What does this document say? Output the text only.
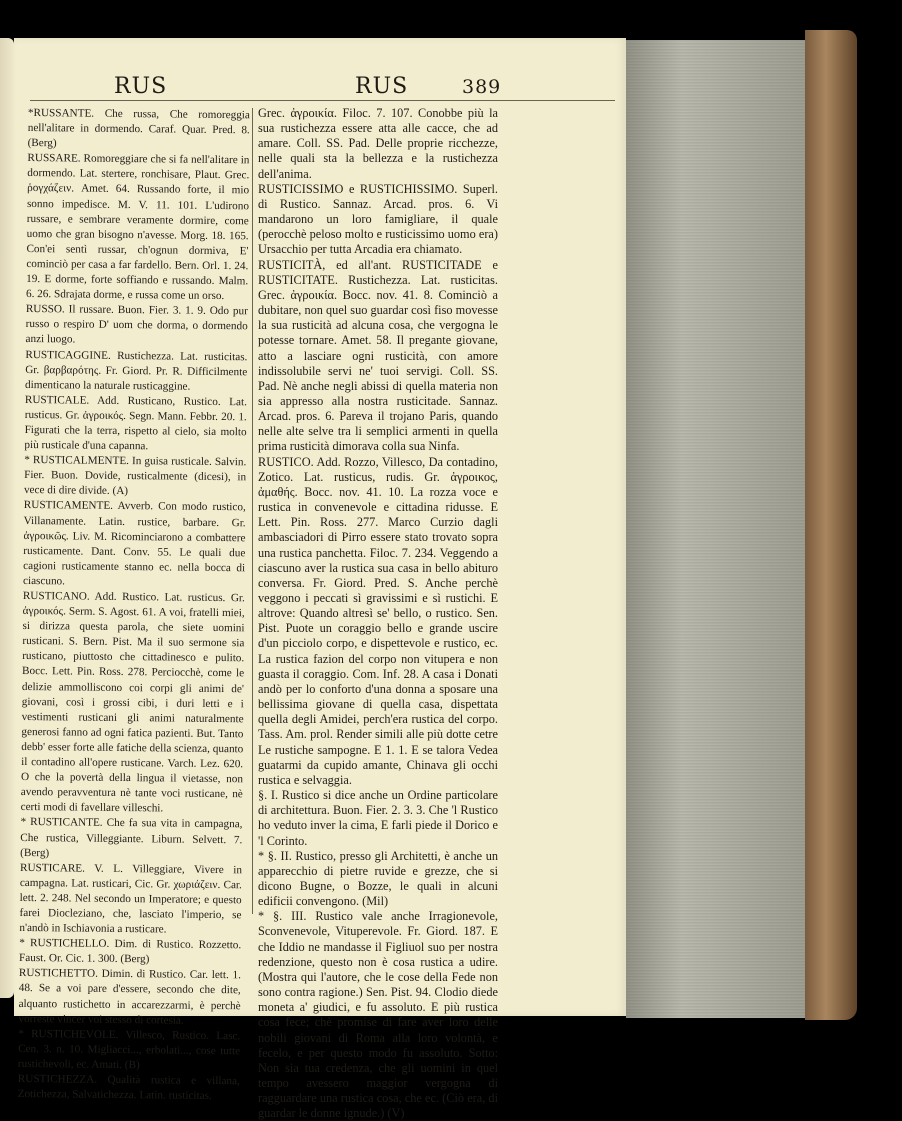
RUS	RUS	389

*RUSSANTE. Che russa, Che romoreggia nell'alitare in dormendo. Caraf. Quar. Pred. 8. (Berg)

RUSSARE. Romoreggiare che si fa nell'alitare in dormendo. Lat. stertere, ronchisare, Plaut. Grec. ῥογχάζειν. Amet. 64. Russando forte, il mio sonno impedisce. M. V. 11. 101. L'udirono russare, e sembrare veramente dormire, come uomo che gran bisogno n'avesse. Morg. 18. 165. Con'ei sentì russar, ch'ognun dormiva, E' cominciò per casa a far fardello. Bern. Orl. 1. 24. 19. E dorme, forte soffiando e russando. Malm. 6. 26. Sdrajata dorme, e russa come un orso.

RUSSO. Il russare. Buon. Fier. 3. 1. 9. Odo pur russo o respiro D' uom che dorma, o dormendo anzi luogo.

RUSTICAGGINE. Rustichezza. Lat. rusticitas. Gr. βαρβαρότης. Fr. Giord. Pr. R. Difficilmente dimenticano la naturale rusticaggine.

RUSTICALE. Add. Rusticano, Rustico. Lat. rusticus. Gr. ἀγροικός. Segn. Mann. Febbr. 20. 1. Figurati che la terra, rispetto al cielo, sia molto più rusticale d'una capanna.

* RUSTICALMENTE. In guisa rusticale. Salvin. Fier. Buon. Dovide, rusticalmente (dicesi), in vece di dire divide. (A)

RUSTICAMENTE. Avverb. Con modo rustico, Villanamente. Latin. rustice, barbare. Gr. ἀγροικῶς. Liv. M. Ricominciarono a combattere rusticamente. Dant. Conv. 55. Le quali due cagioni rusticamente stanno ec. nella bocca di ciascuno.

RUSTICANO. Add. Rustico. Lat. rusticus. Gr. ἀγροικός. Serm. S. Agost. 61. A voi, fratelli miei, si dirizza questa parola, che siete uomini rusticani. S. Bern. Pist. Ma il suo sermone sia rusticano, piuttosto che cittadinesco e pulito. Bocc. Lett. Pin. Ross. 278. Perciocchè, come le delizie ammolliscono coi corpi gli animi de' giovani, così i grossi cibi, i duri letti e i vestimenti rusticani gli animi naturalmente generosi fanno ad ogni fatica pazienti. But. Tanto debb' esser forte alle fatiche della scienza, quanto il contadino all'opere rusticane. Varch. Lez. 620. O che la povertà della lingua il vietasse, non avendo peravventura nè tante voci rusticane, nè certi modi di favellare villeschi.

* RUSTICANTE. Che fa sua vita in campagna, Che rustica, Villeggiante. Liburn. Selvett. 7. (Berg)

RUSTICARE. V. L. Villeggiare, Vivere in campagna. Lat. rusticari, Cic. Gr. χωριάζειν. Car. lett. 2. 248. Nel secondo un Imperatore; e questo farei Diocleziano, che, lasciato l'imperio, se n'andò in Ischiavonia a rusticare.

* RUSTICHELLO. Dim. di Rustico. Rozzetto. Faust. Or. Cic. 1. 300. (Berg)

RUSTICHETTO. Dimin. di Rustico. Car. lett. 1. 48. Se a voi pare d'essere, secondo che dite, alquanto rustichetto in accarezzarmi, è perchè vorreste vincer voi stesso di cortesia.

* RUSTICHEVOLE. Villesco, Rustico. Lasc. Cen. 3. n. 10. Migliacci..., erbolati..., cose tutte rustichevoli, ec. Amati. (B)

RUSTICHEZZA. Qualità rustica e villana, Zotichezza, Salvatichezza. Latin. rusticitas.

Grec. ἀγροικία. Filoc. 7. 107. Conobbe più la sua rustichezza essere atta alle cacce, che ad amare. Coll. SS. Pad. Delle proprie ricchezze, nelle quali sta la bellezza e la rustichezza dell'anima.

RUSTICISSIMO e RUSTICHISSIMO. Superl. di Rustico. Sannaz. Arcad. pros. 6. Vi mandarono un loro famigliare, il quale (perocchè peloso molto e rusticissimo uomo era) Ursacchio per tutta Arcadia era chiamato.

RUSTICITÀ, ed all'ant. RUSTICITADE e RUSTICITATE. Rustichezza. Lat. rusticitas. Grec. ἀγροικία. Bocc. nov. 41. 8. Cominciò a dubitare, non quel suo guardar così fiso movesse la sua rusticità ad alcuna cosa, che vergogna le potesse tornare. Amet. 58. Il pregante giovane, atto a lasciare ogni rusticità, con amore indissolubile servi ne' tuoi servigi. Coll. SS. Pad. Nè anche negli abissi di quella materia non sia appresso alla nostra rusticitade. Sannaz. Arcad. pros. 6. Pareva il trojano Paris, quando nelle alte selve tra li semplici armenti in quella prima rusticità dimorava colla sua Ninfa.

RUSTICO. Add. Rozzo, Villesco, Da contadino, Zotico. Lat. rusticus, rudis. Gr. ἀγροικος, ἀμαθής. Bocc. nov. 41. 10. La rozza voce e rustica in convenevole e cittadina ridusse. E Lett. Pin. Ross. 277. Marco Curzio dagli ambasciadori di Pirro essere stato trovato sopra una rustica panchetta. Filoc. 7. 234. Veggendo a ciascuno aver la rustica sua casa in bello abituro conversa. Fr. Giord. Pred. S. Anche perchè veggono i peccati sì gravissimi e sì rustichi. E altrove: Quando altresì se' bello, o rustico. Sen. Pist. Puote un coraggio bello e grande uscire d'un picciolo corpo, e dispettevole e rustico, ec. La rustica fazion del corpo non vitupera e non guasta il coraggio. Com. Inf. 28. A casa i Donati andò per lo conforto d'una donna a sposare una bellissima giovane di quella casa, dispettata quella degli Amidei, perch'era rustica del corpo. Tass. Am. prol. Render simili alle più dotte cetre Le rustiche sampogne. E 1. 1. E se talora Vedea guatarmi da cupido amante, Chinava gli occhi rustica e selvaggia.

§. I. Rustico si dice anche un Ordine particolare di architettura. Buon. Fier. 2. 3. 3. Che 'l Rustico ho veduto inver la cima, E farli piede il Dorico e 'l Corinto.

* §. II. Rustico, presso gli Architetti, è anche un apparecchio di pietre ruvide e grezze, che si dicono Bugne, o Bozze, le quali in alcuni edificii convengono. (Mil)

* §. III. Rustico vale anche Irragionevole, Sconvenevole, Vituperevole. Fr. Giord. 187. E che Iddio ne mandasse il Figliuol suo per nostra redenzione, questo non è cosa rustica a udire. (Mostra qui l'autore, che le cose della Fede non sono contra ragione.) Sen. Pist. 94. Clodio diede moneta a' giudici, e fu assoluto. E più rustica cosa fece; chè promise di fare aver loro delle nobili giovani di Roma alla loro volontà, e fecelo, e per questo modo fu assoluto. Sotto: Non sia tua credenza, che gli uomini in quel tempo avessero maggior vergogna di ragguardare una rustica cosa, che ec. (Ciò era, di guardar le donne ignude.) (V)
